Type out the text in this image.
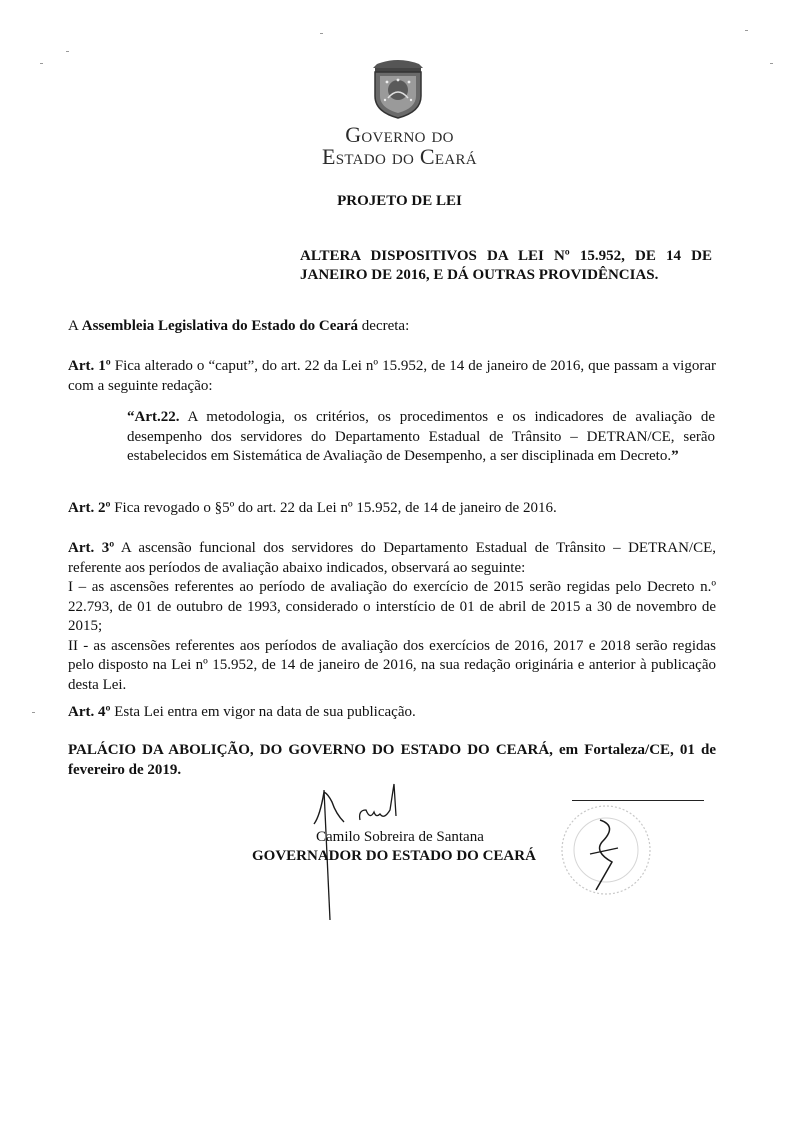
Governo do
Estado do Ceará
PROJETO DE LEI
ALTERA DISPOSITIVOS DA LEI Nº 15.952, DE 14 DE JANEIRO DE 2016, E DÁ OUTRAS PROVIDÊNCIAS.
A Assembleia Legislativa do Estado do Ceará decreta:
Art. 1º Fica alterado o “caput”, do art. 22 da Lei nº 15.952, de 14 de janeiro de 2016, que passam a vigorar com a seguinte redação:
“Art.22. A metodologia, os critérios, os procedimentos e os indicadores de avaliação de desempenho dos servidores do Departamento Estadual de Trânsito – DETRAN/CE, serão estabelecidos em Sistemática de Avaliação de Desempenho, a ser disciplinada em Decreto.”
Art. 2º Fica revogado o §5º do art. 22 da Lei nº 15.952, de 14 de janeiro de 2016.
Art. 3º A ascensão funcional dos servidores do Departamento Estadual de Trânsito – DETRAN/CE, referente aos períodos de avaliação abaixo indicados, observará ao seguinte:
I – as ascensões referentes ao período de avaliação do exercício de 2015 serão regidas pelo Decreto n.º 22.793, de 01 de outubro de 1993, considerado o interstício de 01 de abril de 2015 a 30 de novembro de 2015;
II - as ascensões referentes aos períodos de avaliação dos exercícios de 2016, 2017 e 2018 serão regidas pelo disposto na Lei nº 15.952, de 14 de janeiro de 2016, na sua redação originária e anterior à publicação desta Lei.
Art. 4º Esta Lei entra em vigor na data de sua publicação.
PALÁCIO DA ABOLIÇÃO, DO GOVERNO DO ESTADO DO CEARÁ, em Fortaleza/CE, 01 de fevereiro de 2019.
Camilo Sobreira de Santana
GOVERNADOR DO ESTADO DO CEARÁ
